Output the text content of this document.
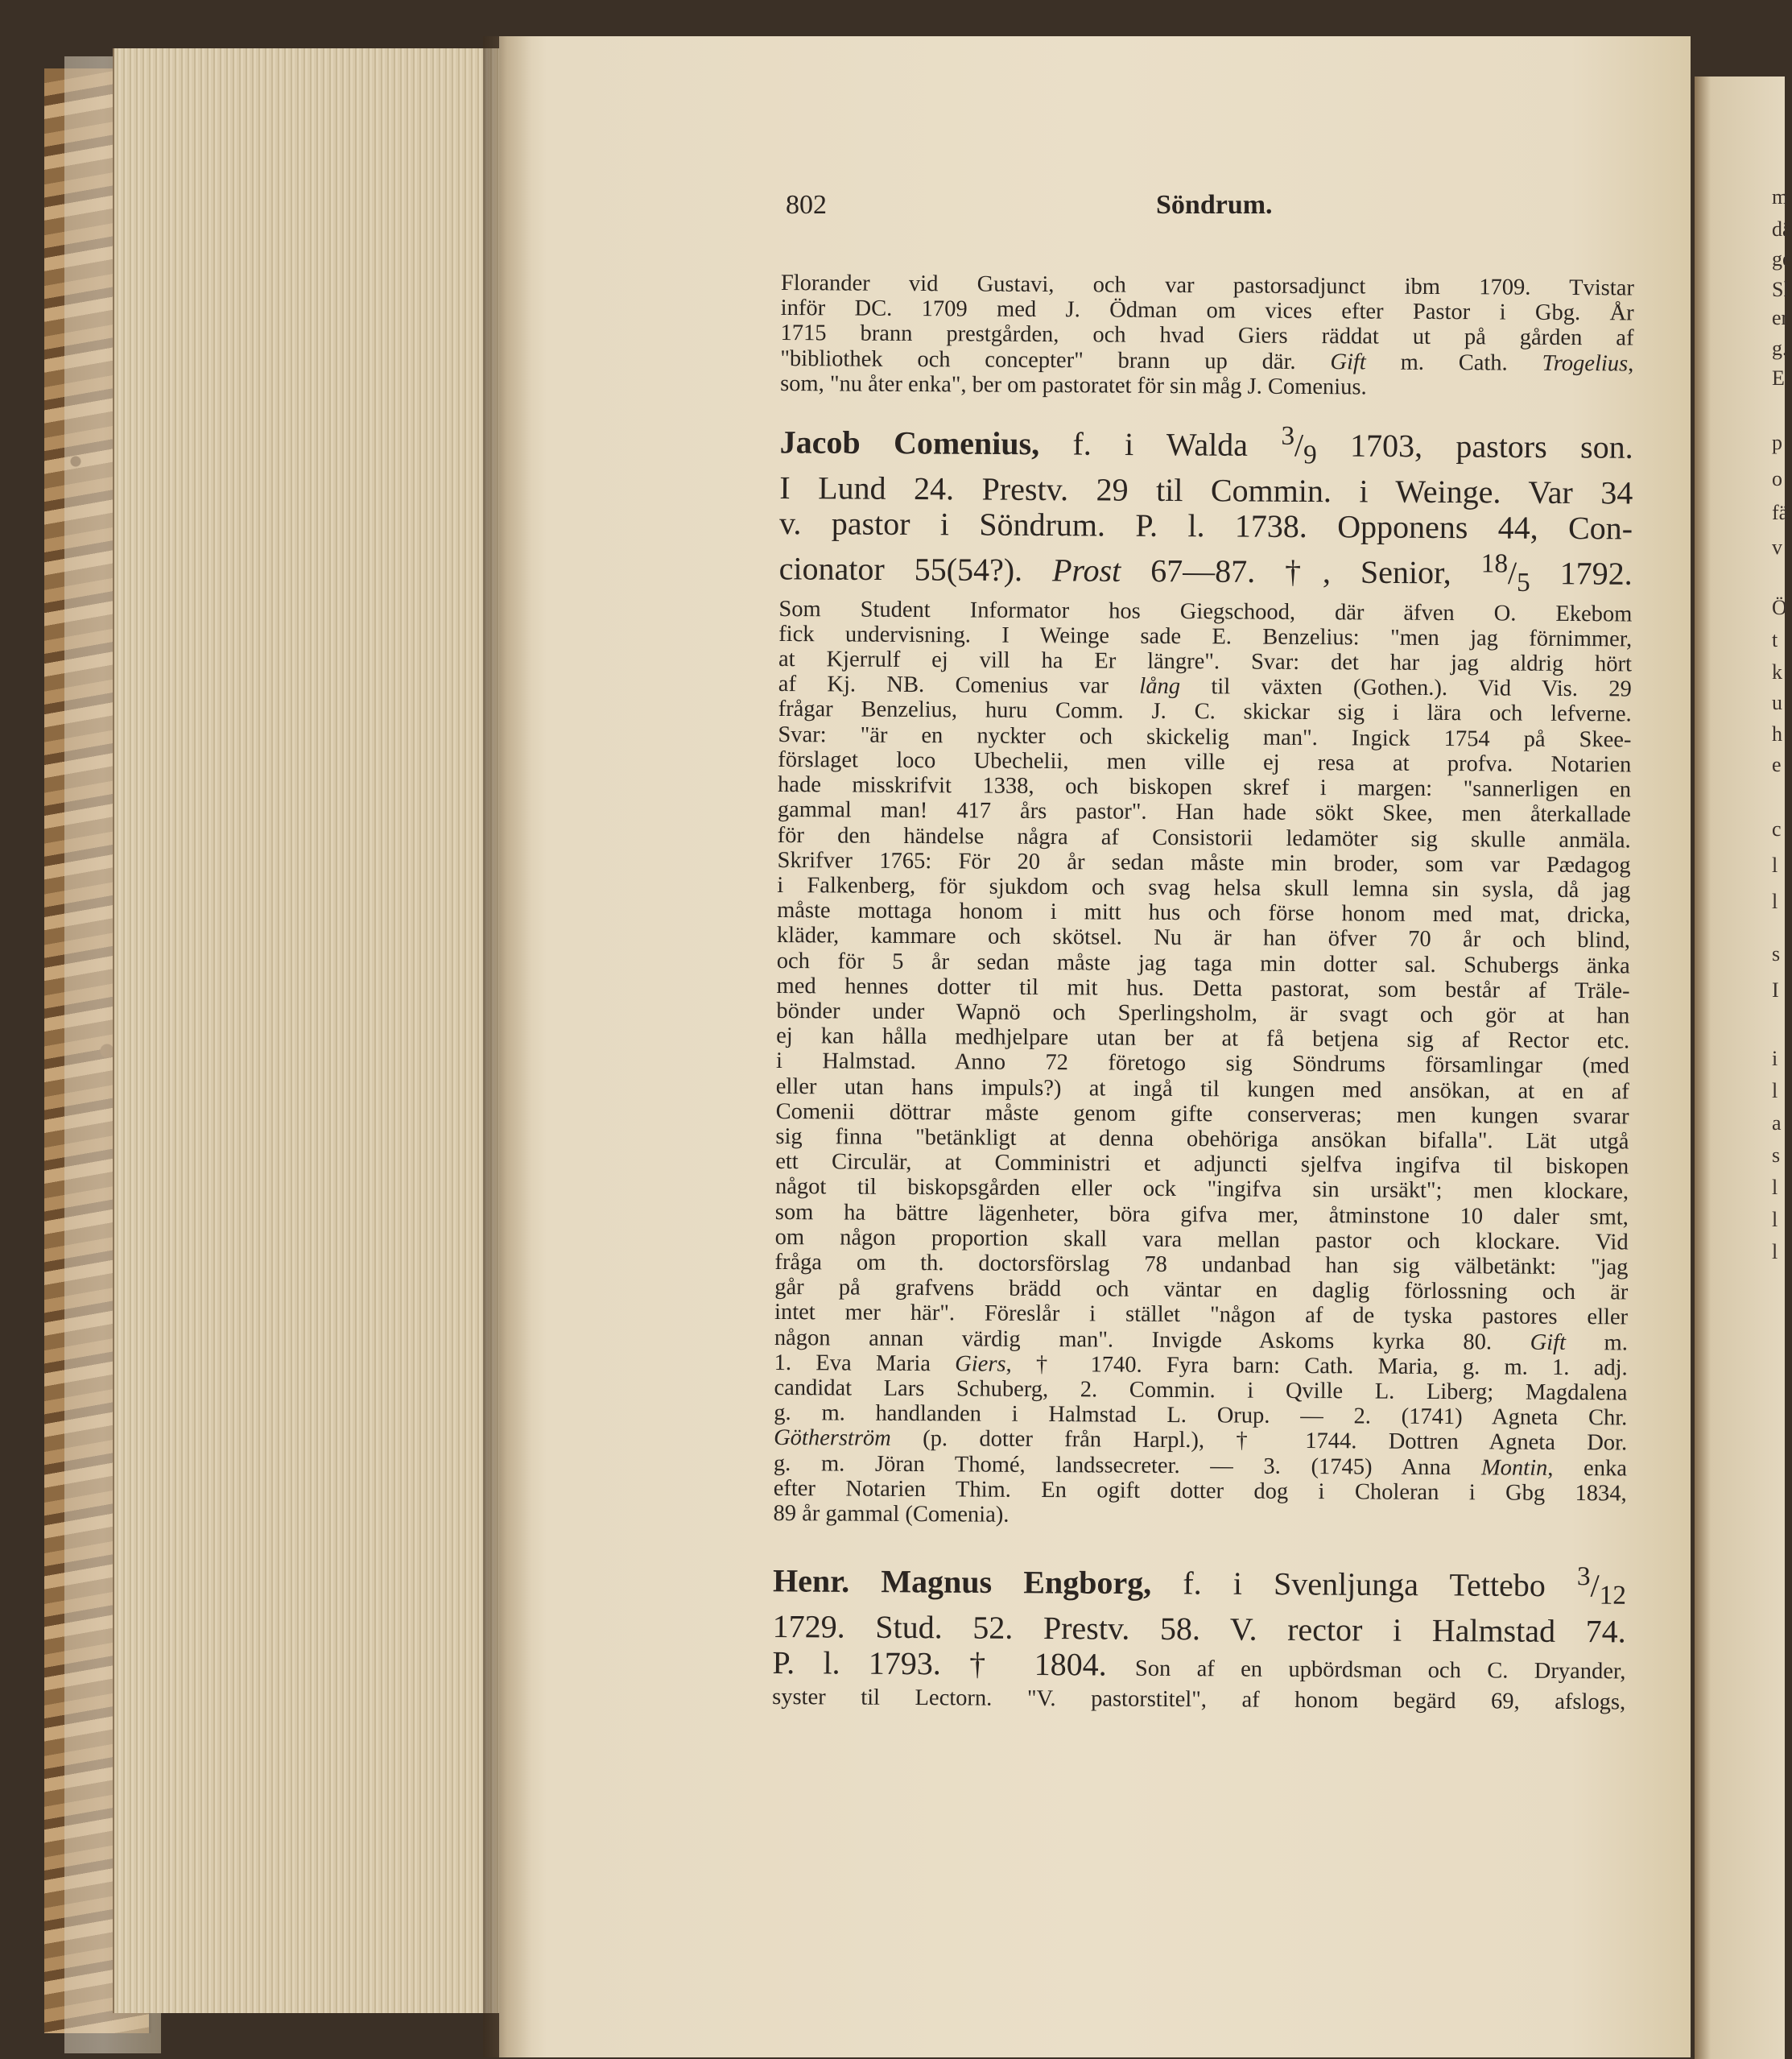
m
dä
ge
Sl
er
g.
E
p
o
fä
v
Ö
t
k
u
h
e
c
l
l
s
I
i
l
a
s
l
l
l
802	Söndrum.
Florander vid Gustavi, och var pastorsadjunct ibm 1709. Tvistar
inför DC. 1709 med J. Ödman om vices efter Pastor i Gbg. År
1715 brann prestgården, och hvad Giers räddat ut på gården af
"bibliothek och concepter" brann up där. Gift m. Cath. Trogelius,
som, "nu åter enka", ber om pastoratet för sin måg J. Comenius.
Jacob Comenius, f. i Walda $^3/_9$ 1703, pastors son.
I Lund 24. Prestv. 29 til Commin. i Weinge. Var 34
v. pastor i Söndrum. P. l. 1738. Opponens 44, Con-
cionator 55(54?). Prost 67—87. †, Senior, $^{18}/_5$ 1792.
Som Student Informator hos Giegschood, där äfven O. Ekebom
fick undervisning. I Weinge sade E. Benzelius: "men jag förnimmer,
at Kjerrulf ej vill ha Er längre". Svar: det har jag aldrig hört
af Kj. NB. Comenius var lång til växten (Gothen.). Vid Vis. 29
frågar Benzelius, huru Comm. J. C. skickar sig i lära och lefverne.
Svar: "är en nyckter och skickelig man". Ingick 1754 på Skee-
förslaget loco Ubechelii, men ville ej resa at profva. Notarien
hade misskrifvit 1338, och biskopen skref i margen: "sannerligen en
gammal man! 417 års pastor". Han hade sökt Skee, men återkallade
för den händelse några af Consistorii ledamöter sig skulle anmäla.
Skrifver 1765: För 20 år sedan måste min broder, som var Pædagog
i Falkenberg, för sjukdom och svag helsa skull lemna sin sysla, då jag
måste mottaga honom i mitt hus och förse honom med mat, dricka,
kläder, kammare och skötsel. Nu är han öfver 70 år och blind,
och för 5 år sedan måste jag taga min dotter sal. Schubergs änka
med hennes dotter til mit hus. Detta pastorat, som består af Träle-
bönder under Wapnö och Sperlingsholm, är svagt och gör at han
ej kan hålla medhjelpare utan ber at få betjena sig af Rector etc.
i Halmstad. Anno 72 företogo sig Söndrums församlingar (med
eller utan hans impuls?) at ingå til kungen med ansökan, at en af
Comenii döttrar måste genom gifte conserveras; men kungen svarar
sig finna "betänkligt at denna obehöriga ansökan bifalla". Lät utgå
ett Circulär, at Comministri et adjuncti sjelfva ingifva til biskopen
något til biskopsgården eller ock "ingifva sin ursäkt"; men klockare,
som ha bättre lägenheter, böra gifva mer, åtminstone 10 daler smt,
om någon proportion skall vara mellan pastor och klockare. Vid
fråga om th. doctorsförslag 78 undanbad han sig välbetänkt: "jag
går på grafvens brädd och väntar en daglig förlossning och är
intet mer här". Föreslår i stället "någon af de tyska pastores eller
någon annan värdig man". Invigde Askoms kyrka 80. Gift m.
1. Eva Maria Giers, † 1740. Fyra barn: Cath. Maria, g. m. 1. adj.
candidat Lars Schuberg, 2. Commin. i Qville L. Liberg; Magdalena
g. m. handlanden i Halmstad L. Orup. — 2. (1741) Agneta Chr.
Götherström (p. dotter från Harpl.), † 1744. Dottren Agneta Dor.
g. m. Jöran Thomé, landssecreter. — 3. (1745) Anna Montin, enka
efter Notarien Thim. En ogift dotter dog i Choleran i Gbg 1834,
89 år gammal (Comenia).
Henr. Magnus Engborg, f. i Svenljunga Tettebo $^3/_{12}$
1729. Stud. 52. Prestv. 58. V. rector i Halmstad 74.
P. l. 1793. † 1804. Son af en upbördsman och C. Dryander,
syster til Lectorn. "V. pastorstitel", af honom begärd 69, afslogs,
